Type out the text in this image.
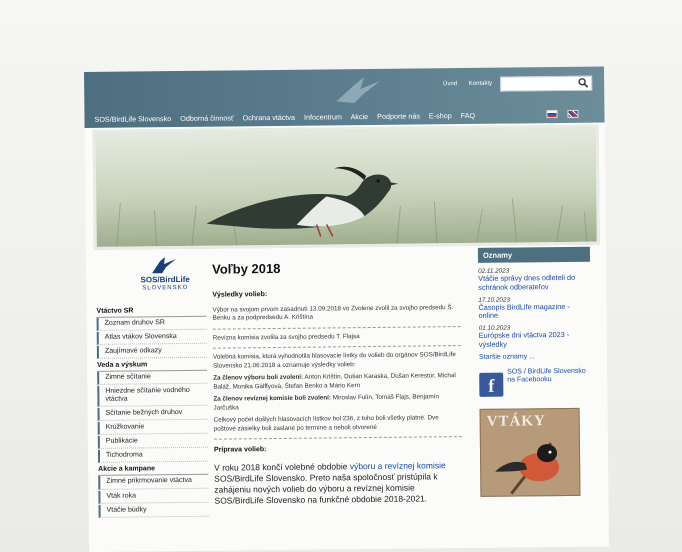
Úvod Kontakty

SOS/BirdLife Slovensko Odborná činnosť Ochrana vtáctva Infocentrum Akcie Podporte nás E-shop FAQ
SOS/BirdLife
SLOVENSKO
Vtáctvo SR
Zoznam druhov SR
Atlas vtákov Slovenska
Zaujímavé odkazy
Veda a výskum
Zimné sčítanie
Hniezdne sčítanie vodného vtáctva
Sčítanie bežných druhov
Krúžkovanie
Publikácie
Tichodroma
Akcie a kampane
Zimné prikrmovanie vtáctva
Vták roka
Vtáčie búdky
Voľby 2018
Výsledky volieb:

Výbor na svojom prvom zasadnutí 13.09.2018 vo Zvolene zvolil za svojho predsedu Š. Benku a za podpredsedu A. Krištína

Revízna komisia zvolila za svojho predsedu T. Flajsa

Volebná komisia, ktorá vyhodnotila hlasovacie lístky do volieb do orgánov SOS/BirdLife Slovensko 21.06.2018 a oznamuje výsledky volieb:

Za členov výboru boli zvolení: Anton Krištín, Dušan Karaska, Dušan Kerestúr, Michal Baláž, Monika Gálffyová, Štefan Benko a Mário Kern

Za členov revíznej komisie boli zvolení: Miroslav Fulín, Tomáš Flajs, Benjamín Jarčuška

Celkový počet došlých hlasovacích lístkov bol 236, z toho boli všetky platné. Dve poštové zásielky boli zaslané po termíne a neboli otvorené

Príprava volieb:
V roku 2018 končí volebné obdobie výboru a revíznej komisie SOS/BirdLife Slovensko. Preto naša spoločnosť pristúpila k zahájeniu nových volieb do výboru a revíznej komisie SOS/BirdLife Slovensko na funkčné obdobie 2018-2021.
Oznamy
02.11.2023
Vtáčie správy dnes odleteli do schránok odberateľov
17.10.2023
Časopis BirdLife magazine - online
01.10.2023
Európske dni vtáctva 2023 - výsledky
Staršie oznamy ...
f
SOS / BirdLife Slovensko na Facebooku
VTÁKY
